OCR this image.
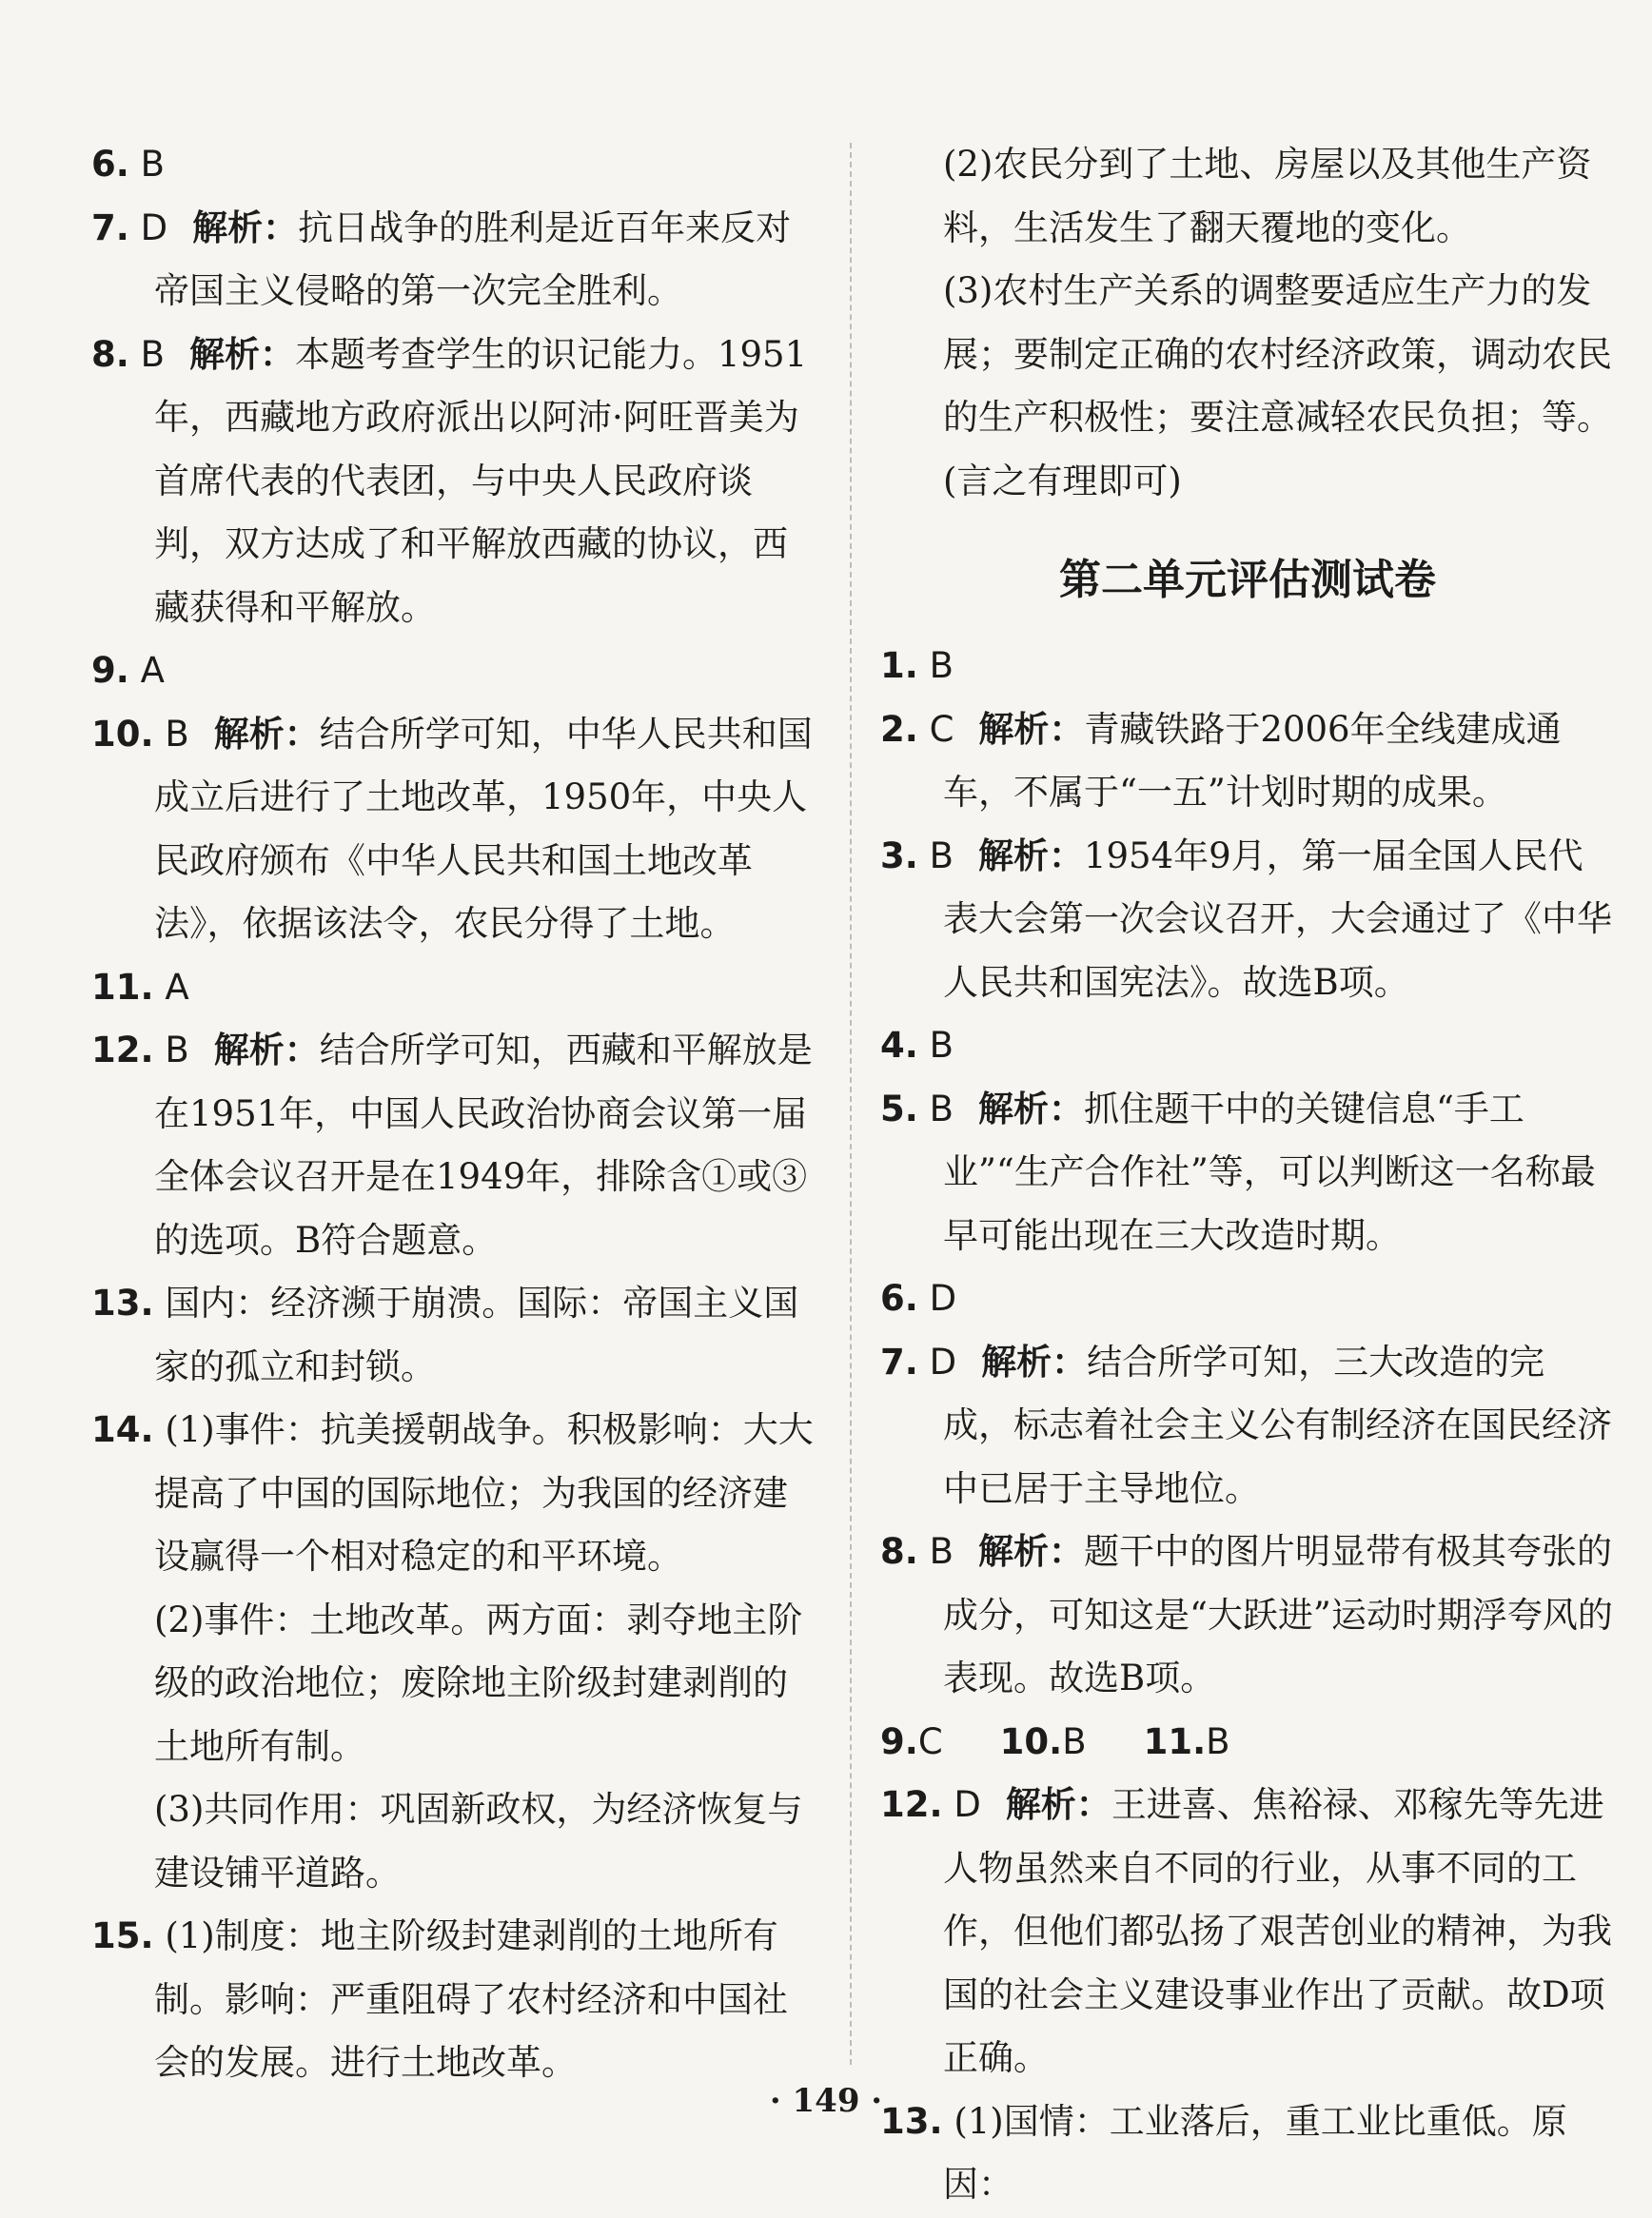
6. B
7. D 解析：抗日战争的胜利是近百年来反对帝国主义侵略的第一次完全胜利。
8. B 解析：本题考查学生的识记能力。1951年，西藏地方政府派出以阿沛·阿旺晋美为首席代表的代表团，与中央人民政府谈判，双方达成了和平解放西藏的协议，西藏获得和平解放。
9. A
10. B 解析：结合所学可知，中华人民共和国成立后进行了土地改革，1950年，中央人民政府颁布《中华人民共和国土地改革法》，依据该法令，农民分得了土地。
11. A
12. B 解析：结合所学可知，西藏和平解放是在1951年，中国人民政治协商会议第一届全体会议召开是在1949年，排除含①或③的选项。B符合题意。
13. 国内：经济濒于崩溃。国际：帝国主义国家的孤立和封锁。
14. (1)事件：抗美援朝战争。积极影响：大大提高了中国的国际地位；为我国的经济建设赢得一个相对稳定的和平环境。
(2)事件：土地改革。两方面：剥夺地主阶级的政治地位；废除地主阶级封建剥削的土地所有制。
(3)共同作用：巩固新政权，为经济恢复与建设铺平道路。
15. (1)制度：地主阶级封建剥削的土地所有制。影响：严重阻碍了农村经济和中国社会的发展。进行土地改革。
(2)农民分到了土地、房屋以及其他生产资料，生活发生了翻天覆地的变化。
(3)农村生产关系的调整要适应生产力的发展；要制定正确的农村经济政策，调动农民的生产积极性；要注意减轻农民负担；等。(言之有理即可)
第二单元评估测试卷
1. B
2. C 解析：青藏铁路于2006年全线建成通车，不属于“一五”计划时期的成果。
3. B 解析：1954年9月，第一届全国人民代表大会第一次会议召开，大会通过了《中华人民共和国宪法》。故选B项。
4. B
5. B 解析：抓住题干中的关键信息“手工业”“生产合作社”等，可以判断这一名称最早可能出现在三大改造时期。
6. D
7. D 解析：结合所学可知，三大改造的完成，标志着社会主义公有制经济在国民经济中已居于主导地位。
8. B 解析：题干中的图片明显带有极其夸张的成分，可知这是“大跃进”运动时期浮夸风的表现。故选B项。
9.C 10.B 11.B
12. D 解析：王进喜、焦裕禄、邓稼先等先进人物虽然来自不同的行业，从事不同的工作，但他们都弘扬了艰苦创业的精神，为我国的社会主义建设事业作出了贡献。故D项正确。
13. (1)国情：工业落后，重工业比重低。原因：
· 149 ·
